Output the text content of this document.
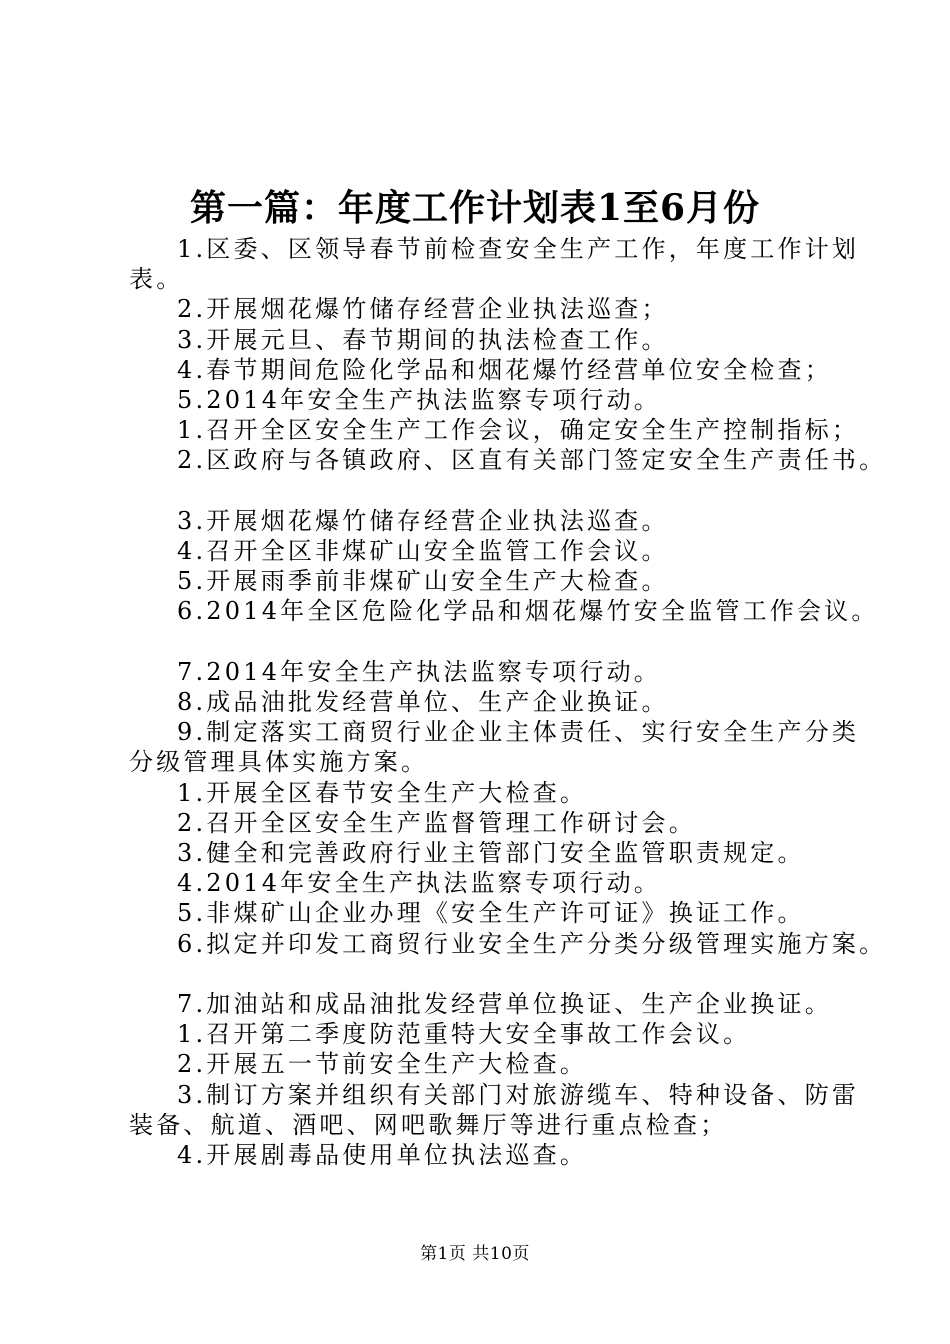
第一篇：年度工作计划表1至6月份
1.区委、区领导春节前检查安全生产工作，年度工作计划
表。
2.开展烟花爆竹储存经营企业执法巡查；
3.开展元旦、春节期间的执法检查工作。
4.春节期间危险化学品和烟花爆竹经营单位安全检查；
5.2014年安全生产执法监察专项行动。
1.召开全区安全生产工作会议，确定安全生产控制指标；
2.区政府与各镇政府、区直有关部门签定安全生产责任书。
3.开展烟花爆竹储存经营企业执法巡查。
4.召开全区非煤矿山安全监管工作会议。
5.开展雨季前非煤矿山安全生产大检查。
6.2014年全区危险化学品和烟花爆竹安全监管工作会议。
7.2014年安全生产执法监察专项行动。
8.成品油批发经营单位、生产企业换证。
9.制定落实工商贸行业企业主体责任、实行安全生产分类
分级管理具体实施方案。
1.开展全区春节安全生产大检查。
2.召开全区安全生产监督管理工作研讨会。
3.健全和完善政府行业主管部门安全监管职责规定。
4.2014年安全生产执法监察专项行动。
5.非煤矿山企业办理《安全生产许可证》换证工作。
6.拟定并印发工商贸行业安全生产分类分级管理实施方案。
7.加油站和成品油批发经营单位换证、生产企业换证。
1.召开第二季度防范重特大安全事故工作会议。
2.开展五一节前安全生产大检查。
3.制订方案并组织有关部门对旅游缆车、特种设备、防雷
装备、航道、酒吧、网吧歌舞厅等进行重点检查；
4.开展剧毒品使用单位执法巡查。
第1页 共10页
